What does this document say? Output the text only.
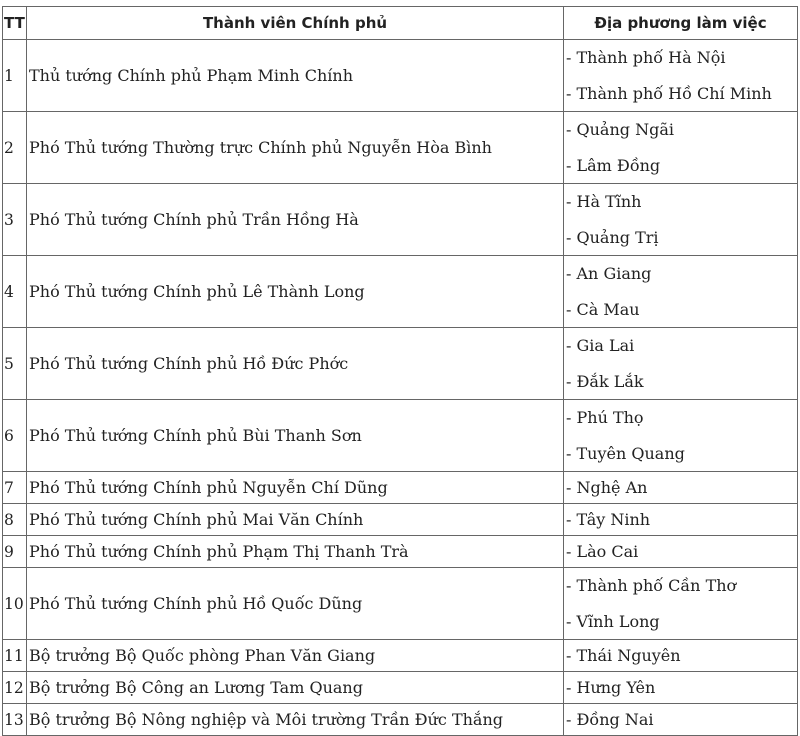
TT	Thành viên Chính phủ	Địa phương làm việc
1	Thủ tướng Chính phủ Phạm Minh Chính	- Thành phố Hà Nội
- Thành phố Hồ Chí Minh

2	Phó Thủ tướng Thường trực Chính phủ Nguyễn Hòa Bình	- Quảng Ngãi
- Lâm Đồng

3	Phó Thủ tướng Chính phủ Trần Hồng Hà	- Hà Tĩnh
- Quảng Trị

4	Phó Thủ tướng Chính phủ Lê Thành Long	- An Giang
- Cà Mau

5	Phó Thủ tướng Chính phủ Hồ Đức Phớc	- Gia Lai
- Đắk Lắk

6	Phó Thủ tướng Chính phủ Bùi Thanh Sơn	- Phú Thọ
- Tuyên Quang

7	Phó Thủ tướng Chính phủ Nguyễn Chí Dũng	- Nghệ An

8	Phó Thủ tướng Chính phủ Mai Văn Chính	- Tây Ninh

9	Phó Thủ tướng Chính phủ Phạm Thị Thanh Trà	- Lào Cai

10	Phó Thủ tướng Chính phủ Hồ Quốc Dũng	- Thành phố Cần Thơ
- Vĩnh Long

11	Bộ trưởng Bộ Quốc phòng Phan Văn Giang	- Thái Nguyên

12	Bộ trưởng Bộ Công an Lương Tam Quang	- Hưng Yên

13	Bộ trưởng Bộ Nông nghiệp và Môi trường Trần Đức Thắng	- Đồng Nai
